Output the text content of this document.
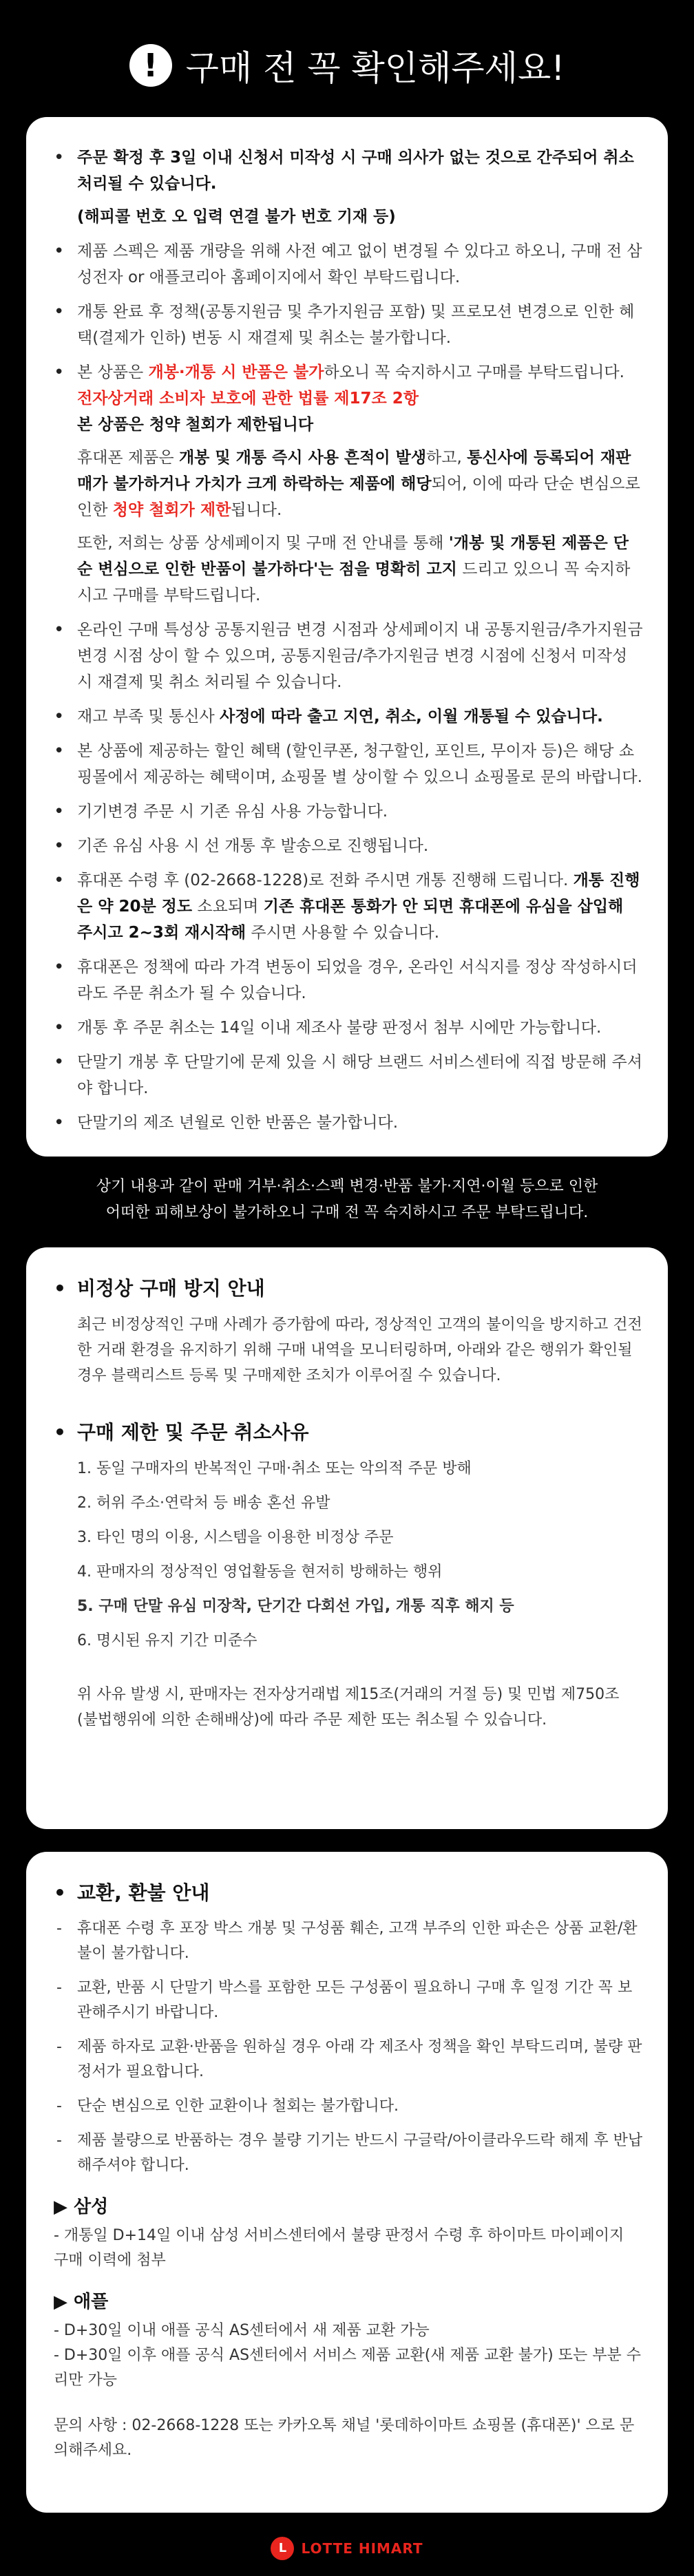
! 구매 전 꼭 확인해주세요!

• 주문 확정 후 3일 이내 신청서 미작성 시 구매 의사가 없는 것으로 간주되어 취소 처리될 수 있습니다.

(해피콜 번호 오 입력 연결 불가 번호 기재 등)

• 제품 스펙은 제품 개량을 위해 사전 예고 없이 변경될 수 있다고 하오니, 구매 전 삼성전자 or 애플코리아 홈페이지에서 확인 부탁드립니다.
• 개통 완료 후 정책(공통지원금 및 추가지원금 포함) 및 프로모션 변경으로 인한 혜택(결제가 인하) 변동 시 재결제 및 취소는 불가합니다.

• 본 상품은 개봉·개통 시 반품은 불가하오니 꼭 숙지하시고 구매를 부탁드립니다. 전자상거래 소비자 보호에 관한 법률 제17조 2항
본 상품은 청약 철회가 제한됩니다

휴대폰 제품은 개봉 및 개통 즉시 사용 흔적이 발생하고, 통신사에 등록되어 재판매가 불가하거나 가치가 크게 하락하는 제품에 해당되어, 이에 따라 단순 변심으로 인한 청약 철회가 제한됩니다.

또한, 저희는 상품 상세페이지 및 구매 전 안내를 통해 '개봉 및 개통된 제품은 단순 변심으로 인한 반품이 불가하다'는 점을 명확히 고지 드리고 있으니 꼭 숙지하시고 구매를 부탁드립니다.

• 온라인 구매 특성상 공통지원금 변경 시점과 상세페이지 내 공통지원금/추가지원금 변경 시점 상이 할 수 있으며, 공통지원금/추가지원금 변경 시점에 신청서 미작성 시 재결제 및 취소 처리될 수 있습니다.
• 재고 부족 및 통신사 사정에 따라 출고 지연, 취소, 이월 개통될 수 있습니다.
• 본 상품에 제공하는 할인 혜택 (할인쿠폰, 청구할인, 포인트, 무이자 등)은 해당 쇼핑몰에서 제공하는 혜택이며, 쇼핑몰 별 상이할 수 있으니 쇼핑몰로 문의 바랍니다.
• 기기변경 주문 시 기존 유심 사용 가능합니다.
• 기존 유심 사용 시 선 개통 후 발송으로 진행됩니다.
• 휴대폰 수령 후 (02-2668-1228)로 전화 주시면 개통 진행해 드립니다. 개통 진행은 약 20분 정도 소요되며 기존 휴대폰 통화가 안 되면 휴대폰에 유심을 삽입해 주시고 2~3회 재시작해 주시면 사용할 수 있습니다.
• 휴대폰은 정책에 따라 가격 변동이 되었을 경우, 온라인 서식지를 정상 작성하시더라도 주문 취소가 될 수 있습니다.
• 개통 후 주문 취소는 14일 이내 제조사 불량 판정서 첨부 시에만 가능합니다.
• 단말기 개봉 후 단말기에 문제 있을 시 해당 브랜드 서비스센터에 직접 방문해 주셔야 합니다.
• 단말기의 제조 년월로 인한 반품은 불가합니다.
상기 내용과 같이 판매 거부·취소·스펙 변경·반품 불가·지연·이월 등으로 인한
어떠한 피해보상이 불가하오니 구매 전 꼭 숙지하시고 주문 부탁드립니다.
• 비정상 구매 방지 안내

최근 비정상적인 구매 사례가 증가함에 따라, 정상적인 고객의 불이익을 방지하고 건전한 거래 환경을 유지하기 위해 구매 내역을 모니터링하며, 아래와 같은 행위가 확인될 경우 블랙리스트 등록 및 구매제한 조치가 이루어질 수 있습니다.

• 구매 제한 및 주문 취소사유
1. 동일 구매자의 반복적인 구매·취소 또는 악의적 주문 방해
2. 허위 주소·연락처 등 배송 혼선 유발
3. 타인 명의 이용, 시스템을 이용한 비정상 주문
4. 판매자의 정상적인 영업활동을 현저히 방해하는 행위
5. 구매 단말 유심 미장착, 단기간 다회선 가입, 개통 직후 해지 등
6. 명시된 유지 기간 미준수

위 사유 발생 시, 판매자는 전자상거래법 제15조(거래의 거절 등) 및 민법 제750조 (불법행위에 의한 손해배상)에 따라 주문 제한 또는 취소될 수 있습니다.

• 교환, 환불 안내
- 휴대폰 수령 후 포장 박스 개봉 및 구성품 훼손, 고객 부주의 인한 파손은 상품 교환/환불이 불가합니다.
- 교환, 반품 시 단말기 박스를 포함한 모든 구성품이 필요하니 구매 후 일정 기간 꼭 보관해주시기 바랍니다.
- 제품 하자로 교환·반품을 원하실 경우 아래 각 제조사 정책을 확인 부탁드리며, 불량 판정서가 필요합니다.
- 단순 변심으로 인한 교환이나 철회는 불가합니다.
- 제품 불량으로 반품하는 경우 불량 기기는 반드시 구글락/아이클라우드락 해제 후 반납해주셔야 합니다.
▶ 삼성

- 개통일 D+14일 이내 삼성 서비스센터에서 불량 판정서 수령 후 하이마트 마이페이지 구매 이력에 첨부

▶ 애플

- D+30일 이내 애플 공식 AS센터에서 새 제품 교환 가능

- D+30일 이후 애플 공식 AS센터에서 서비스 제품 교환(새 제품 교환 불가) 또는 부분 수리만 가능

문의 사항 : 02-2668-1228 또는 카카오톡 채널 '롯데하이마트 쇼핑몰 (휴대폰)' 으로 문의해주세요.

L	LOTTE HIMART
